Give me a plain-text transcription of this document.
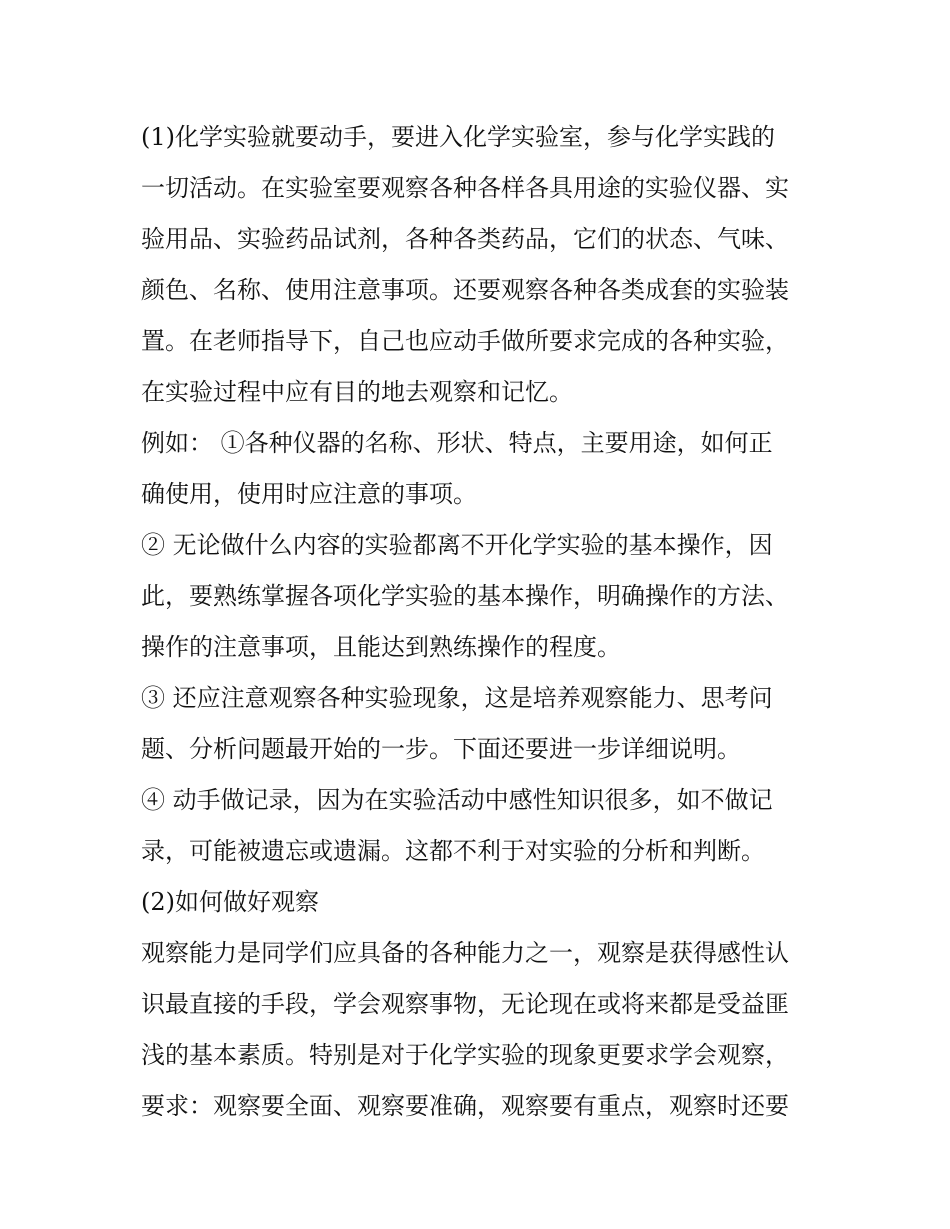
(1)化学实验就要动手，要进入化学实验室，参与化学实践的
一切活动。在实验室要观察各种各样各具用途的实验仪器、实
验用品、实验药品试剂，各种各类药品，它们的状态、气味、
颜色、名称、使用注意事项。还要观察各种各类成套的实验装
置。在老师指导下，自己也应动手做所要求完成的各种实验，
在实验过程中应有目的地去观察和记忆。
例如： ①各种仪器的名称、形状、特点，主要用途，如何正
确使用，使用时应注意的事项。
② 无论做什么内容的实验都离不开化学实验的基本操作，因
此，要熟练掌握各项化学实验的基本操作，明确操作的方法、
操作的注意事项，且能达到熟练操作的程度。
③ 还应注意观察各种实验现象，这是培养观察能力、思考问
题、分析问题最开始的一步。下面还要进一步详细说明。
④ 动手做记录，因为在实验活动中感性知识很多，如不做记
录，可能被遗忘或遗漏。这都不利于对实验的分析和判断。
(2)如何做好观察
观察能力是同学们应具备的各种能力之一，观察是获得感性认
识最直接的手段，学会观察事物，无论现在或将来都是受益匪
浅的基本素质。特别是对于化学实验的现象更要求学会观察，
要求：观察要全面、观察要准确，观察要有重点，观察时还要
